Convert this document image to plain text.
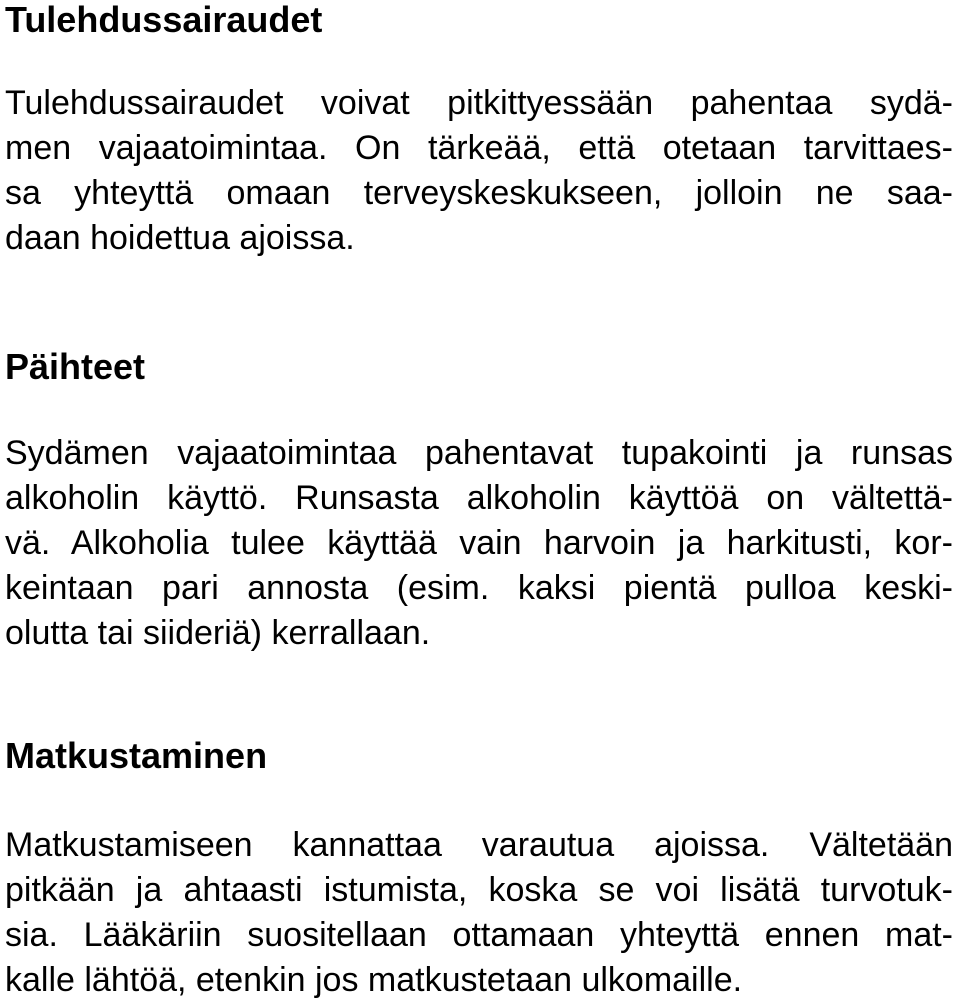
Tulehdussairaudet
Tulehdussairaudet voivat pitkittyessään pahentaa sydä-
men vajaatoimintaa. On tärkeää, että otetaan tarvittaes-
sa yhteyttä omaan terveyskeskukseen, jolloin ne saa-
daan hoidettua ajoissa.
Päihteet
Sydämen vajaatoimintaa pahentavat tupakointi ja runsas
alkoholin käyttö. Runsasta alkoholin käyttöä on vältettä-
vä. Alkoholia tulee käyttää vain harvoin ja harkitusti, kor-
keintaan pari annosta (esim. kaksi pientä pulloa keski-
olutta tai siideriä) kerrallaan.
Matkustaminen
Matkustamiseen kannattaa varautua ajoissa. Vältetään
pitkään ja ahtaasti istumista, koska se voi lisätä turvotuk-
sia. Lääkäriin suositellaan ottamaan yhteyttä ennen mat-
kalle lähtöä, etenkin jos matkustetaan ulkomaille.
